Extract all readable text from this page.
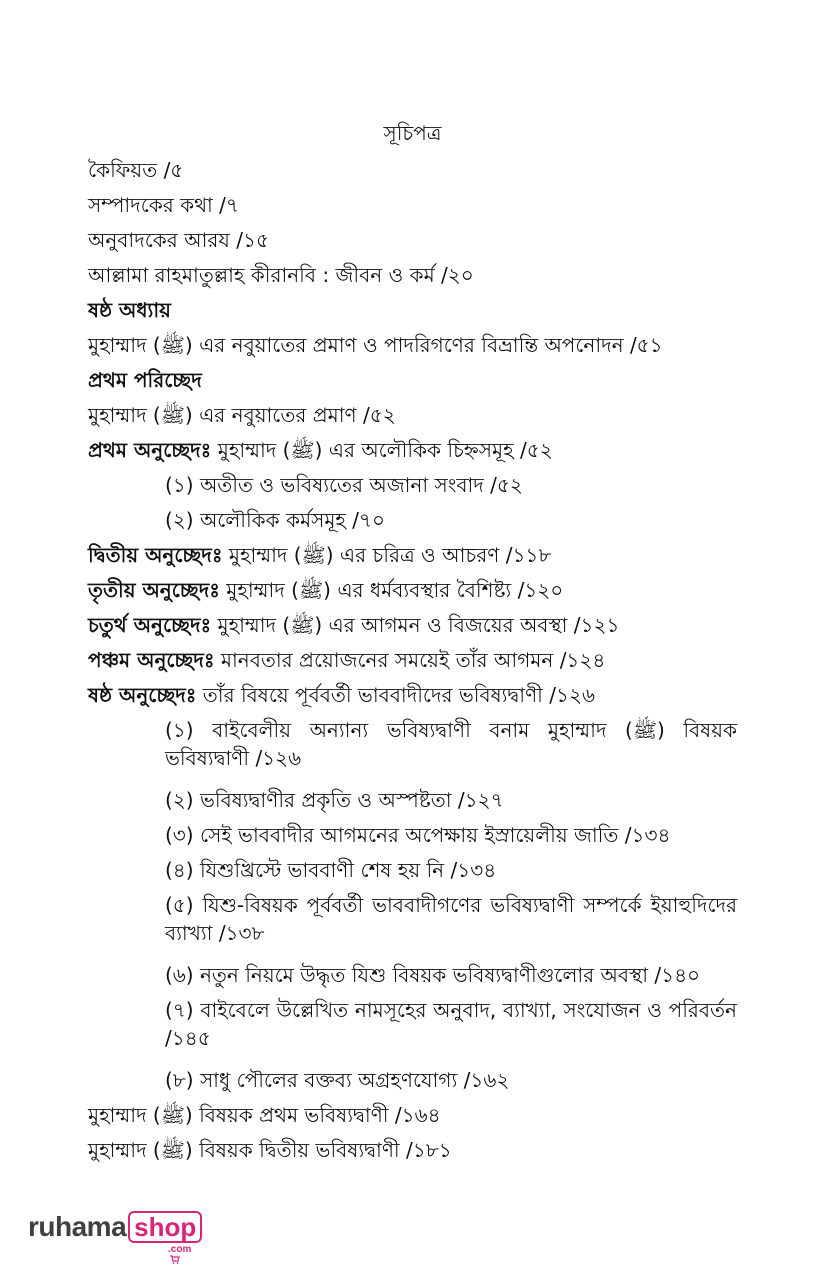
সূচিপত্র
কৈফিয়ত /৫
সম্পাদকের কথা /৭
অনুবাদকের আরয /১৫
আল্লামা রাহমাতুল্লাহ কীরানবি : জীবন ও কর্ম /২০
ষষ্ঠ অধ্যায়
মুহাম্মাদ (ﷺ) এর নবুয়াতের প্রমাণ ও পাদরিগণের বিভ্রান্তি অপনোদন /৫১
প্রথম পরিচ্ছেদ
মুহাম্মাদ (ﷺ) এর নবুয়াতের প্রমাণ /৫২
প্রথম অনুচ্ছেদঃ মুহাম্মাদ (ﷺ) এর অলৌকিক চিহ্নসমূহ /৫২
(১) অতীত ও ভবিষ্যতের অজানা সংবাদ /৫২
(২) অলৌকিক কর্মসমূহ /৭০
দ্বিতীয় অনুচ্ছেদঃ মুহাম্মাদ (ﷺ) এর চরিত্র ও আচরণ /১১৮
তৃতীয় অনুচ্ছেদঃ মুহাম্মাদ (ﷺ) এর ধর্মব্যবস্থার বৈশিষ্ট্য /১২০
চতুর্থ অনুচ্ছেদঃ মুহাম্মাদ (ﷺ) এর আগমন ও বিজয়ের অবস্থা /১২১
পঞ্চম অনুচ্ছেদঃ মানবতার প্রয়োজনের সময়েই তাঁর আগমন /১২৪
ষষ্ঠ অনুচ্ছেদঃ তাঁর বিষয়ে পূর্ববর্তী ভাববাদীদের ভবিষ্যদ্বাণী /১২৬
(১) বাইবেলীয় অন্যান্য ভবিষ্যদ্বাণী বনাম মুহাম্মাদ (ﷺ) বিষয়ক ভবিষ্যদ্বাণী /১২৬
(২) ভবিষ্যদ্বাণীর প্রকৃতি ও অস্পষ্টতা /১২৭
(৩) সেই ভাববাদীর আগমনের অপেক্ষায় ইস্রায়েলীয় জাতি /১৩৪
(৪) যিশুখ্রিস্টে ভাববাণী শেষ হয় নি /১৩৪
(৫) যিশু-বিষয়ক পূর্ববর্তী ভাববাদীগণের ভবিষ্যদ্বাণী সম্পর্কে ইয়াহুদিদের ব্যাখ্যা /১৩৮
(৬) নতুন নিয়মে উদ্ধৃত যিশু বিষয়ক ভবিষ্যদ্বাণীগুলোর অবস্থা /১৪০
(৭) বাইবেলে উল্লেখিত নামসূহের অনুবাদ, ব্যাখ্যা, সংযোজন ও পরিবর্তন /১৪৫
(৮) সাধু পৌলের বক্তব্য অগ্রহণযোগ্য /১৬২
মুহাম্মাদ (ﷺ) বিষয়ক প্রথম ভবিষ্যদ্বাণী /১৬৪
মুহাম্মাদ (ﷺ) বিষয়ক দ্বিতীয় ভবিষ্যদ্বাণী /১৮১
ruhama shop
.com
